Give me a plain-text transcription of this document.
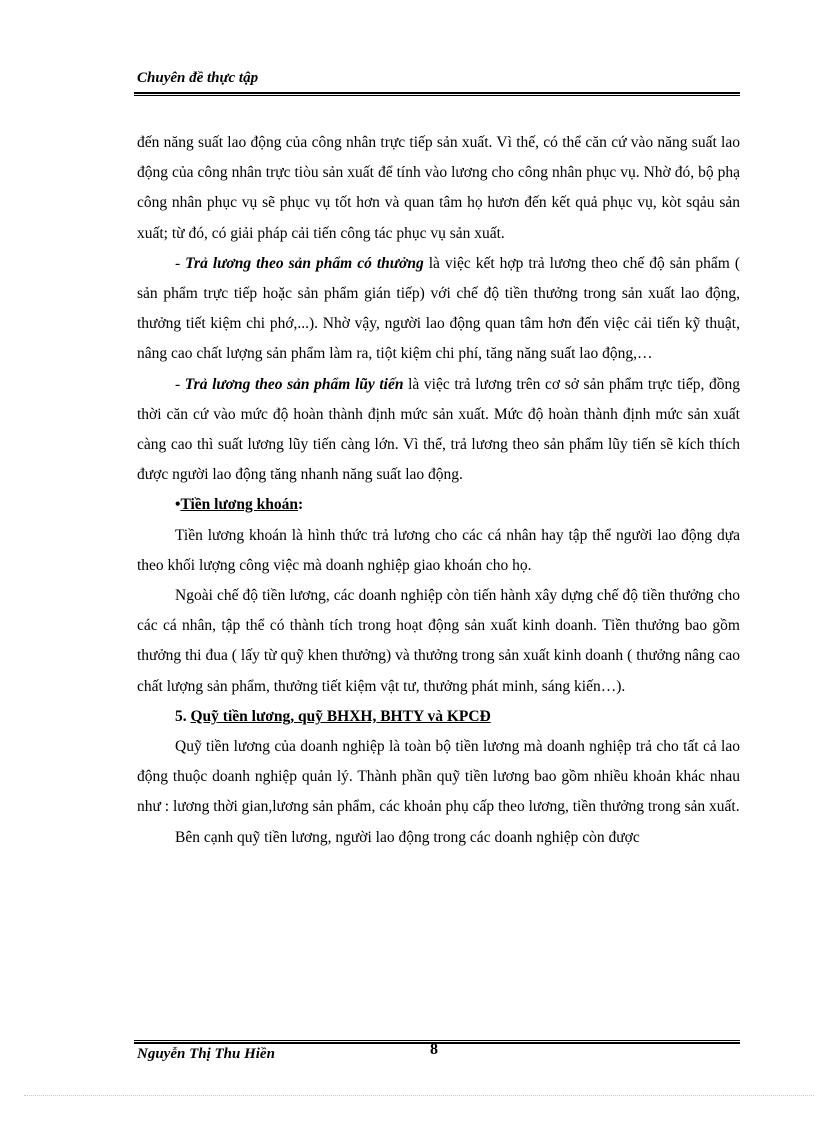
Chuyên đề thực tập

đến năng suất lao động của công nhân trực tiếp sản xuất. Vì thế, có thể căn cứ vào năng suất lao động của công nhân trực tiòu sản xuất để tính vào lương cho công nhân phục vụ. Nhờ đó, bộ phạ công nhân phục vụ sẽ phục vụ tốt hơn và quan tâm họ hươn đến kết quả phục vụ, kòt sqảu sản xuất; từ đó, có giải pháp cải tiến công tác phục vụ sản xuất.

- Trả lương theo sản phẩm có thưởng là việc kết hợp trả lương theo chế độ sản phẩm ( sản phẩm trực tiếp hoặc sản phẩm gián tiếp) với chế độ tiền thưởng trong sản xuất lao động, thưởng tiết kiệm chi phớ,...). Nhờ vậy, người lao động quan tâm hơn đến việc cải tiến kỹ thuật, nâng cao chất lượng sản phẩm làm ra, tiột kiệm chi phí, tăng năng suất lao động,…

- Trả lương theo sản phẩm lũy tiến là việc trả lương trên cơ sở sản phẩm trực tiếp, đồng thời căn cứ vào mức độ hoàn thành định mức sản xuất. Mức độ hoàn thành định mức sản xuất càng cao thì suất lương lũy tiến càng lớn. Vì thế, trả lương theo sản phẩm lũy tiến sẽ kích thích được người lao động tăng nhanh năng suất lao động.

•Tiền lương khoán:

Tiền lương khoán là hình thức trả lương cho các cá nhân hay tập thể người lao động dựa theo khối lượng công việc mà doanh nghiệp giao khoán cho họ.

Ngoài chế độ tiền lương, các doanh nghiệp còn tiến hành xây dựng chế độ tiền thưởng cho các cá nhân, tập thể có thành tích trong hoạt động sản xuất kinh doanh. Tiền thưởng bao gồm thưởng thi đua ( lấy từ quỹ khen thưởng) và thưởng trong sản xuất kinh doanh ( thưởng nâng cao chất lượng sản phẩm, thưởng tiết kiệm vật tư, thưởng phát minh, sáng kiến…).

5. Quỹ tiền lương, quỹ BHXH, BHTY và KPCĐ

Quỹ tiền lương của doanh nghiệp là toàn bộ tiền lương mà doanh nghiệp trả cho tất cả lao động thuộc doanh nghiệp quản lý. Thành phần quỹ tiền lương bao gồm nhiều khoản khác nhau như : lương thời gian,lương sản phẩm, các khoản phụ cấp theo lương, tiền thưởng trong sản xuất.

Bên cạnh quỹ tiền lương, người lao động trong các doanh nghiệp còn được

Nguyễn Thị Thu Hiền	8
